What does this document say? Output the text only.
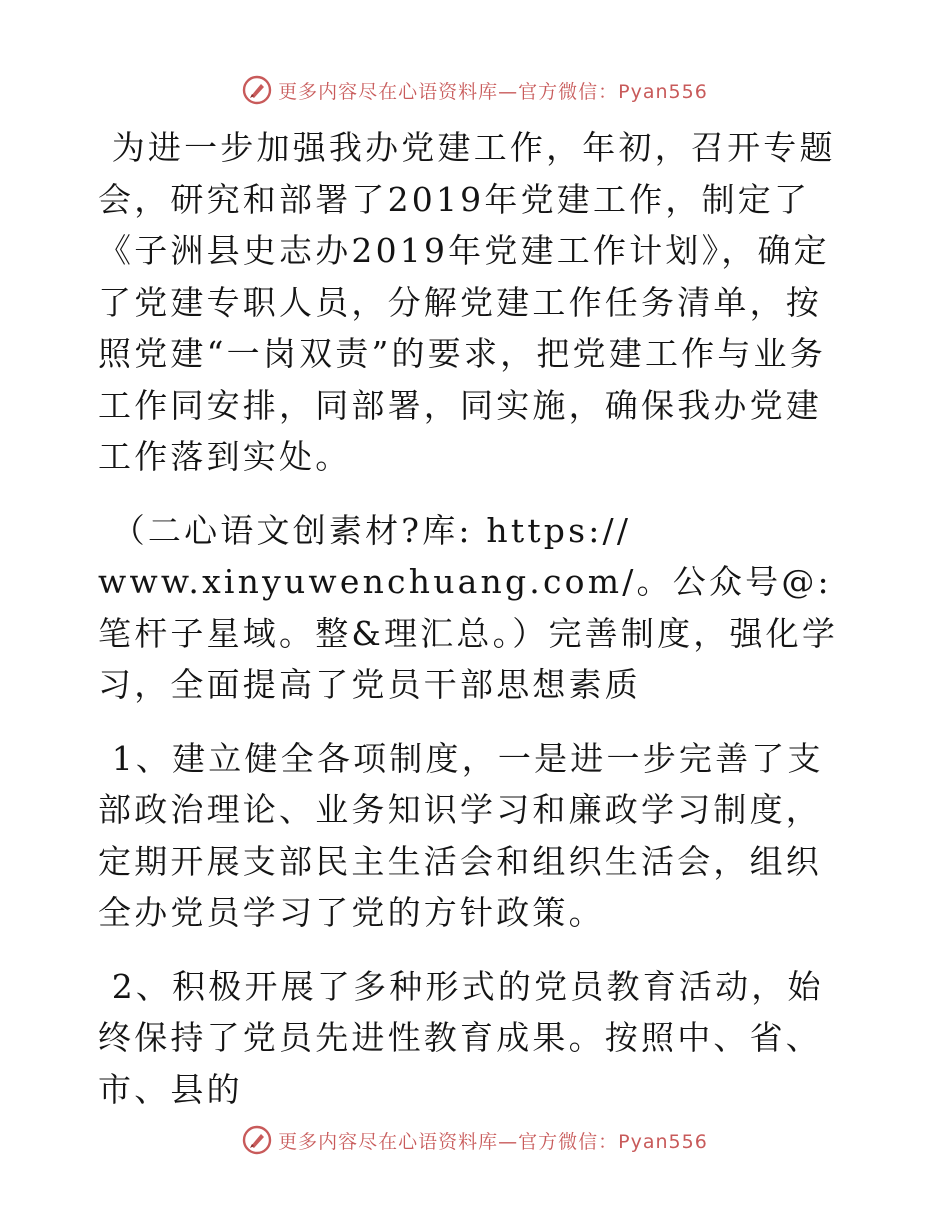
更多内容尽在心语资料库—官方微信：Pyan556

为进一步加强我办党建工作，年初，召开专题会，研究和部署了2019年党建工作，制定了《子洲县史志办2019年党建工作计划》，确定了党建专职人员，分解党建工作任务清单，按照党建“一岗双责”的要求，把党建工作与业务工作同安排，同部署，同实施，确保我办党建工作落到实处。

（二心语文创素材?库: https:// www.xinyuwenchuang.com/。公众号@: 笔杆子星域。整&理汇总。）完善制度，强化学习，全面提高了党员干部思想素质

1、建立健全各项制度，一是进一步完善了支部政治理论、业务知识学习和廉政学习制度，定期开展支部民主生活会和组织生活会，组织全办党员学习了党的方针政策。

2、积极开展了多种形式的党员教育活动，始终保持了党员先进性教育成果。按照中、省、市、县的

更多内容尽在心语资料库—官方微信：Pyan556
